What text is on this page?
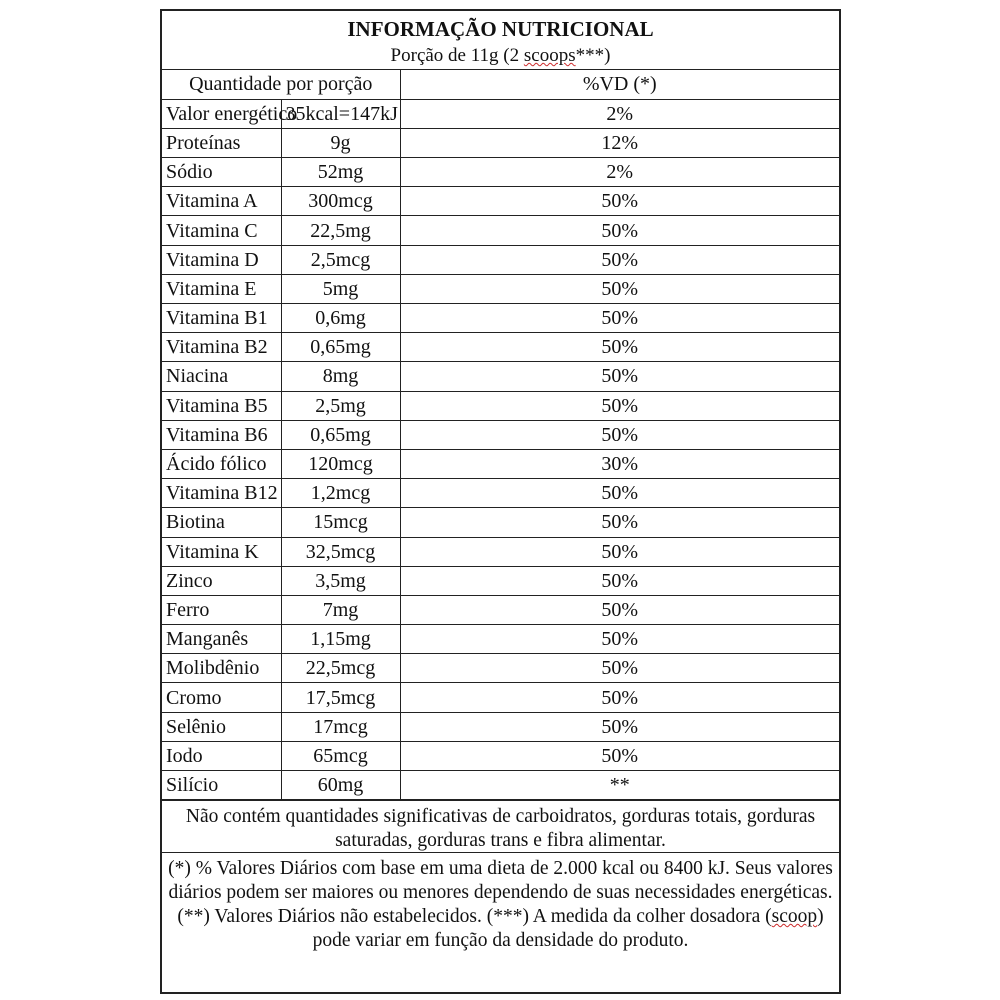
INFORMAÇÃO NUTRICIONAL
Porção de 11g (2 scoops***)
Quantidade por porção		%VD (*)
Valor energético	35kcal=147kJ	2%
Proteínas	9g	12%
Sódio	52mg	2%
Vitamina A	300mcg	50%
Vitamina C	22,5mg	50%
Vitamina D	2,5mcg	50%
Vitamina E	5mg	50%
Vitamina B1	0,6mg	50%
Vitamina B2	0,65mg	50%
Niacina	8mg	50%
Vitamina B5	2,5mg	50%
Vitamina B6	0,65mg	50%
Ácido fólico	120mcg	30%
Vitamina B12	1,2mcg	50%
Biotina	15mcg	50%
Vitamina K	32,5mcg	50%
Zinco	3,5mg	50%
Ferro	7mg	50%
Manganês	1,15mg	50%
Molibdênio	22,5mcg	50%
Cromo	17,5mcg	50%
Selênio	17mcg	50%
Iodo	65mcg	50%
Silício	60mg	**
Não contém quantidades significativas de carboidratos, gorduras totais, gorduras saturadas, gorduras trans e fibra alimentar.
(*) % Valores Diários com base em uma dieta de 2.000 kcal ou 8400 kJ. Seus valores diários podem ser maiores ou menores dependendo de suas necessidades energéticas. (**) Valores Diários não estabelecidos. (***) A medida da colher dosadora (scoop) pode variar em função da densidade do produto.
